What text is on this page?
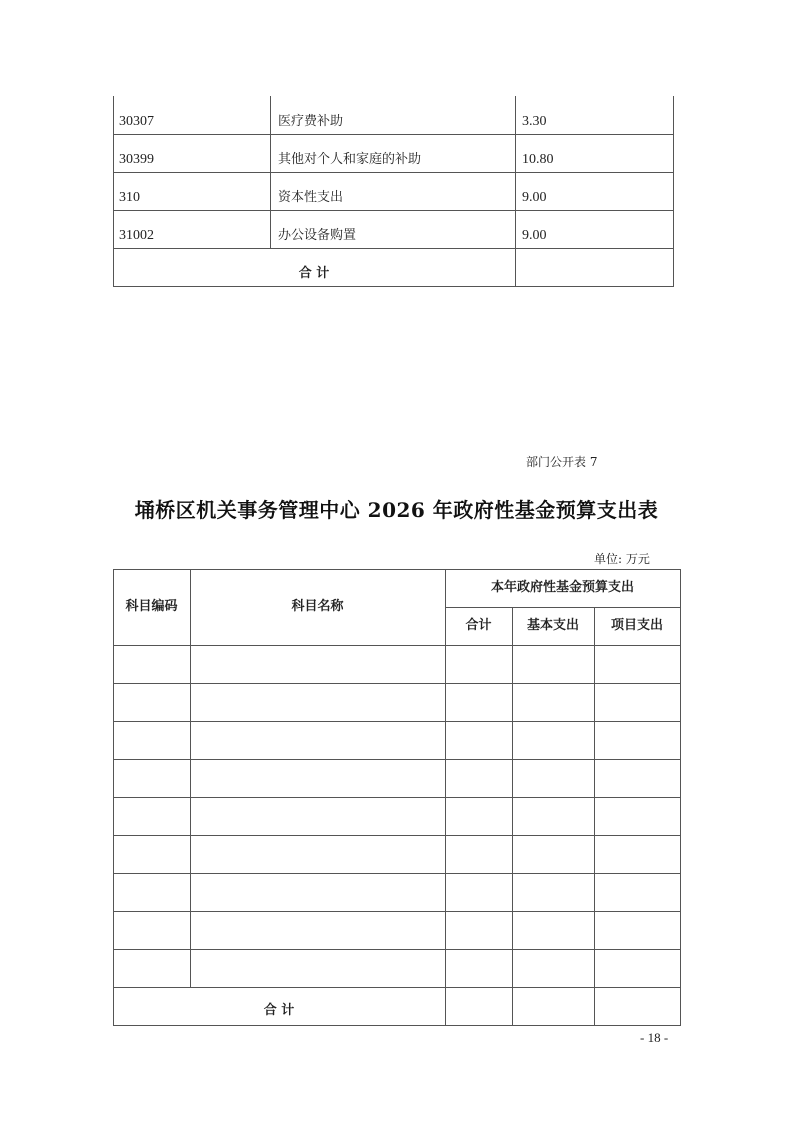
30307	医疗费补助	3.30
30399	其他对个人和家庭的补助	10.80
310	资本性支出	9.00
31002	办公设备购置	9.00
合 计
部门公开表 7
埇桥区机关事务管理中心 2026 年政府性基金预算支出表
单位: 万元
科目编码	科目名称
本年政府性基金预算支出
合计	基本支出	项目支出
合 计
- 18 -
